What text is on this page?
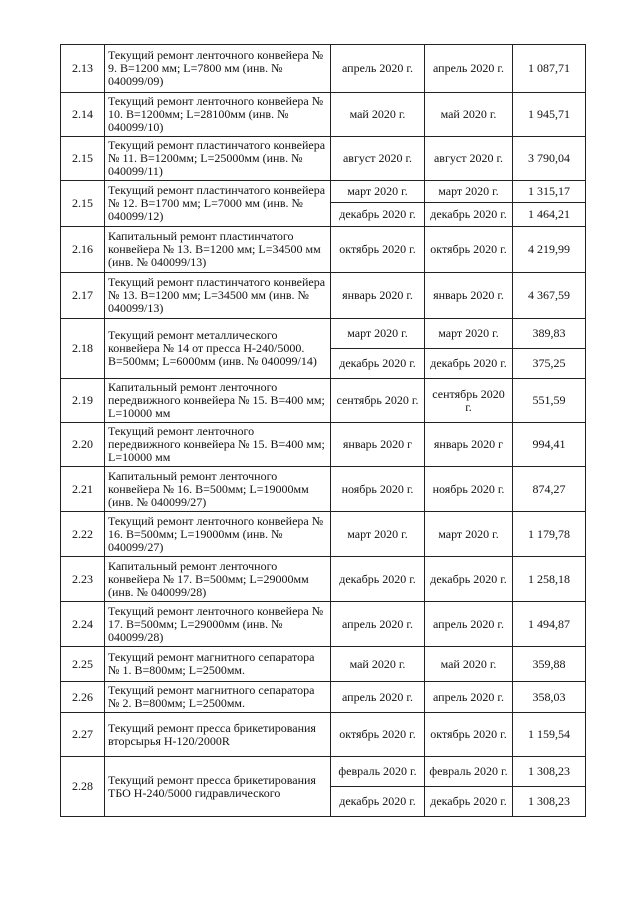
2.13	Текущий ремонт ленточного конвейера № 9. В=1200 мм; L=7800 мм (инв. № 040099/09)	апрель 2020 г.	апрель 2020 г.	1 087,71
2.14	Текущий ремонт ленточного конвейера № 10. В=1200мм; L=28100мм (инв. № 040099/10)	май 2020 г.	май 2020 г.	1 945,71
2.15	Текущий ремонт пластинчатого конвейера № 11. В=1200мм; L=25000мм (инв. № 040099/11)	август 2020 г.	август 2020 г.	3 790,04
2.15	Текущий ремонт пластинчатого конвейера № 12. В=1700 мм; L=7000 мм (инв. № 040099/12)	март 2020 г.	март 2020 г.	1 315,17
		декабрь 2020 г.	декабрь 2020 г.	1 464,21
2.16	Капитальный ремонт пластинчатого конвейера № 13. В=1200 мм; L=34500 мм (инв. № 040099/13)	октябрь 2020 г.	октябрь 2020 г.	4 219,99
2.17	Текущий ремонт пластинчатого конвейера № 13. В=1200 мм; L=34500 мм (инв. № 040099/13)	январь 2020 г.	январь 2020 г.	4 367,59
2.18	Текущий ремонт металлического конвейера № 14 от пресса Н-240/5000. В=500мм; L=6000мм (инв. № 040099/14)	март 2020 г.	март 2020 г.	389,83
		декабрь 2020 г.	декабрь 2020 г.	375,25
2.19	Капитальный ремонт ленточного передвижного конвейера № 15. В=400 мм; L=10000 мм	сентябрь 2020 г.	сентябрь 2020 г.	551,59
2.20	Текущий ремонт ленточного передвижного конвейера № 15. В=400 мм; L=10000 мм	январь 2020 г	январь 2020 г	994,41
2.21	Капитальный ремонт ленточного конвейера № 16. В=500мм; L=19000мм (инв. № 040099/27)	ноябрь 2020 г.	ноябрь 2020 г.	874,27
2.22	Текущий ремонт ленточного конвейера № 16. В=500мм; L=19000мм (инв. № 040099/27)	март 2020 г.	март 2020 г.	1 179,78
2.23	Капитальный ремонт ленточного конвейера № 17. В=500мм; L=29000мм (инв. № 040099/28)	декабрь 2020 г.	декабрь 2020 г.	1 258,18
2.24	Текущий ремонт ленточного конвейера № 17. В=500мм; L=29000мм (инв. № 040099/28)	апрель 2020 г.	апрель 2020 г.	1 494,87
2.25	Текущий ремонт магнитного сепаратора № 1. В=800мм; L=2500мм.	май 2020 г.	май 2020 г.	359,88
2.26	Текущий ремонт магнитного сепаратора № 2. В=800мм; L=2500мм.	апрель 2020 г.	апрель 2020 г.	358,03
2.27	Текущий ремонт пресса брикетирования вторсырья Н-120/2000R	октябрь 2020 г.	октябрь 2020 г.	1 159,54
2.28	Текущий ремонт пресса брикетирования ТБО Н-240/5000 гидравлического	февраль 2020 г.	февраль 2020 г.	1 308,23
		декабрь 2020 г.	декабрь 2020 г.	1 308,23
